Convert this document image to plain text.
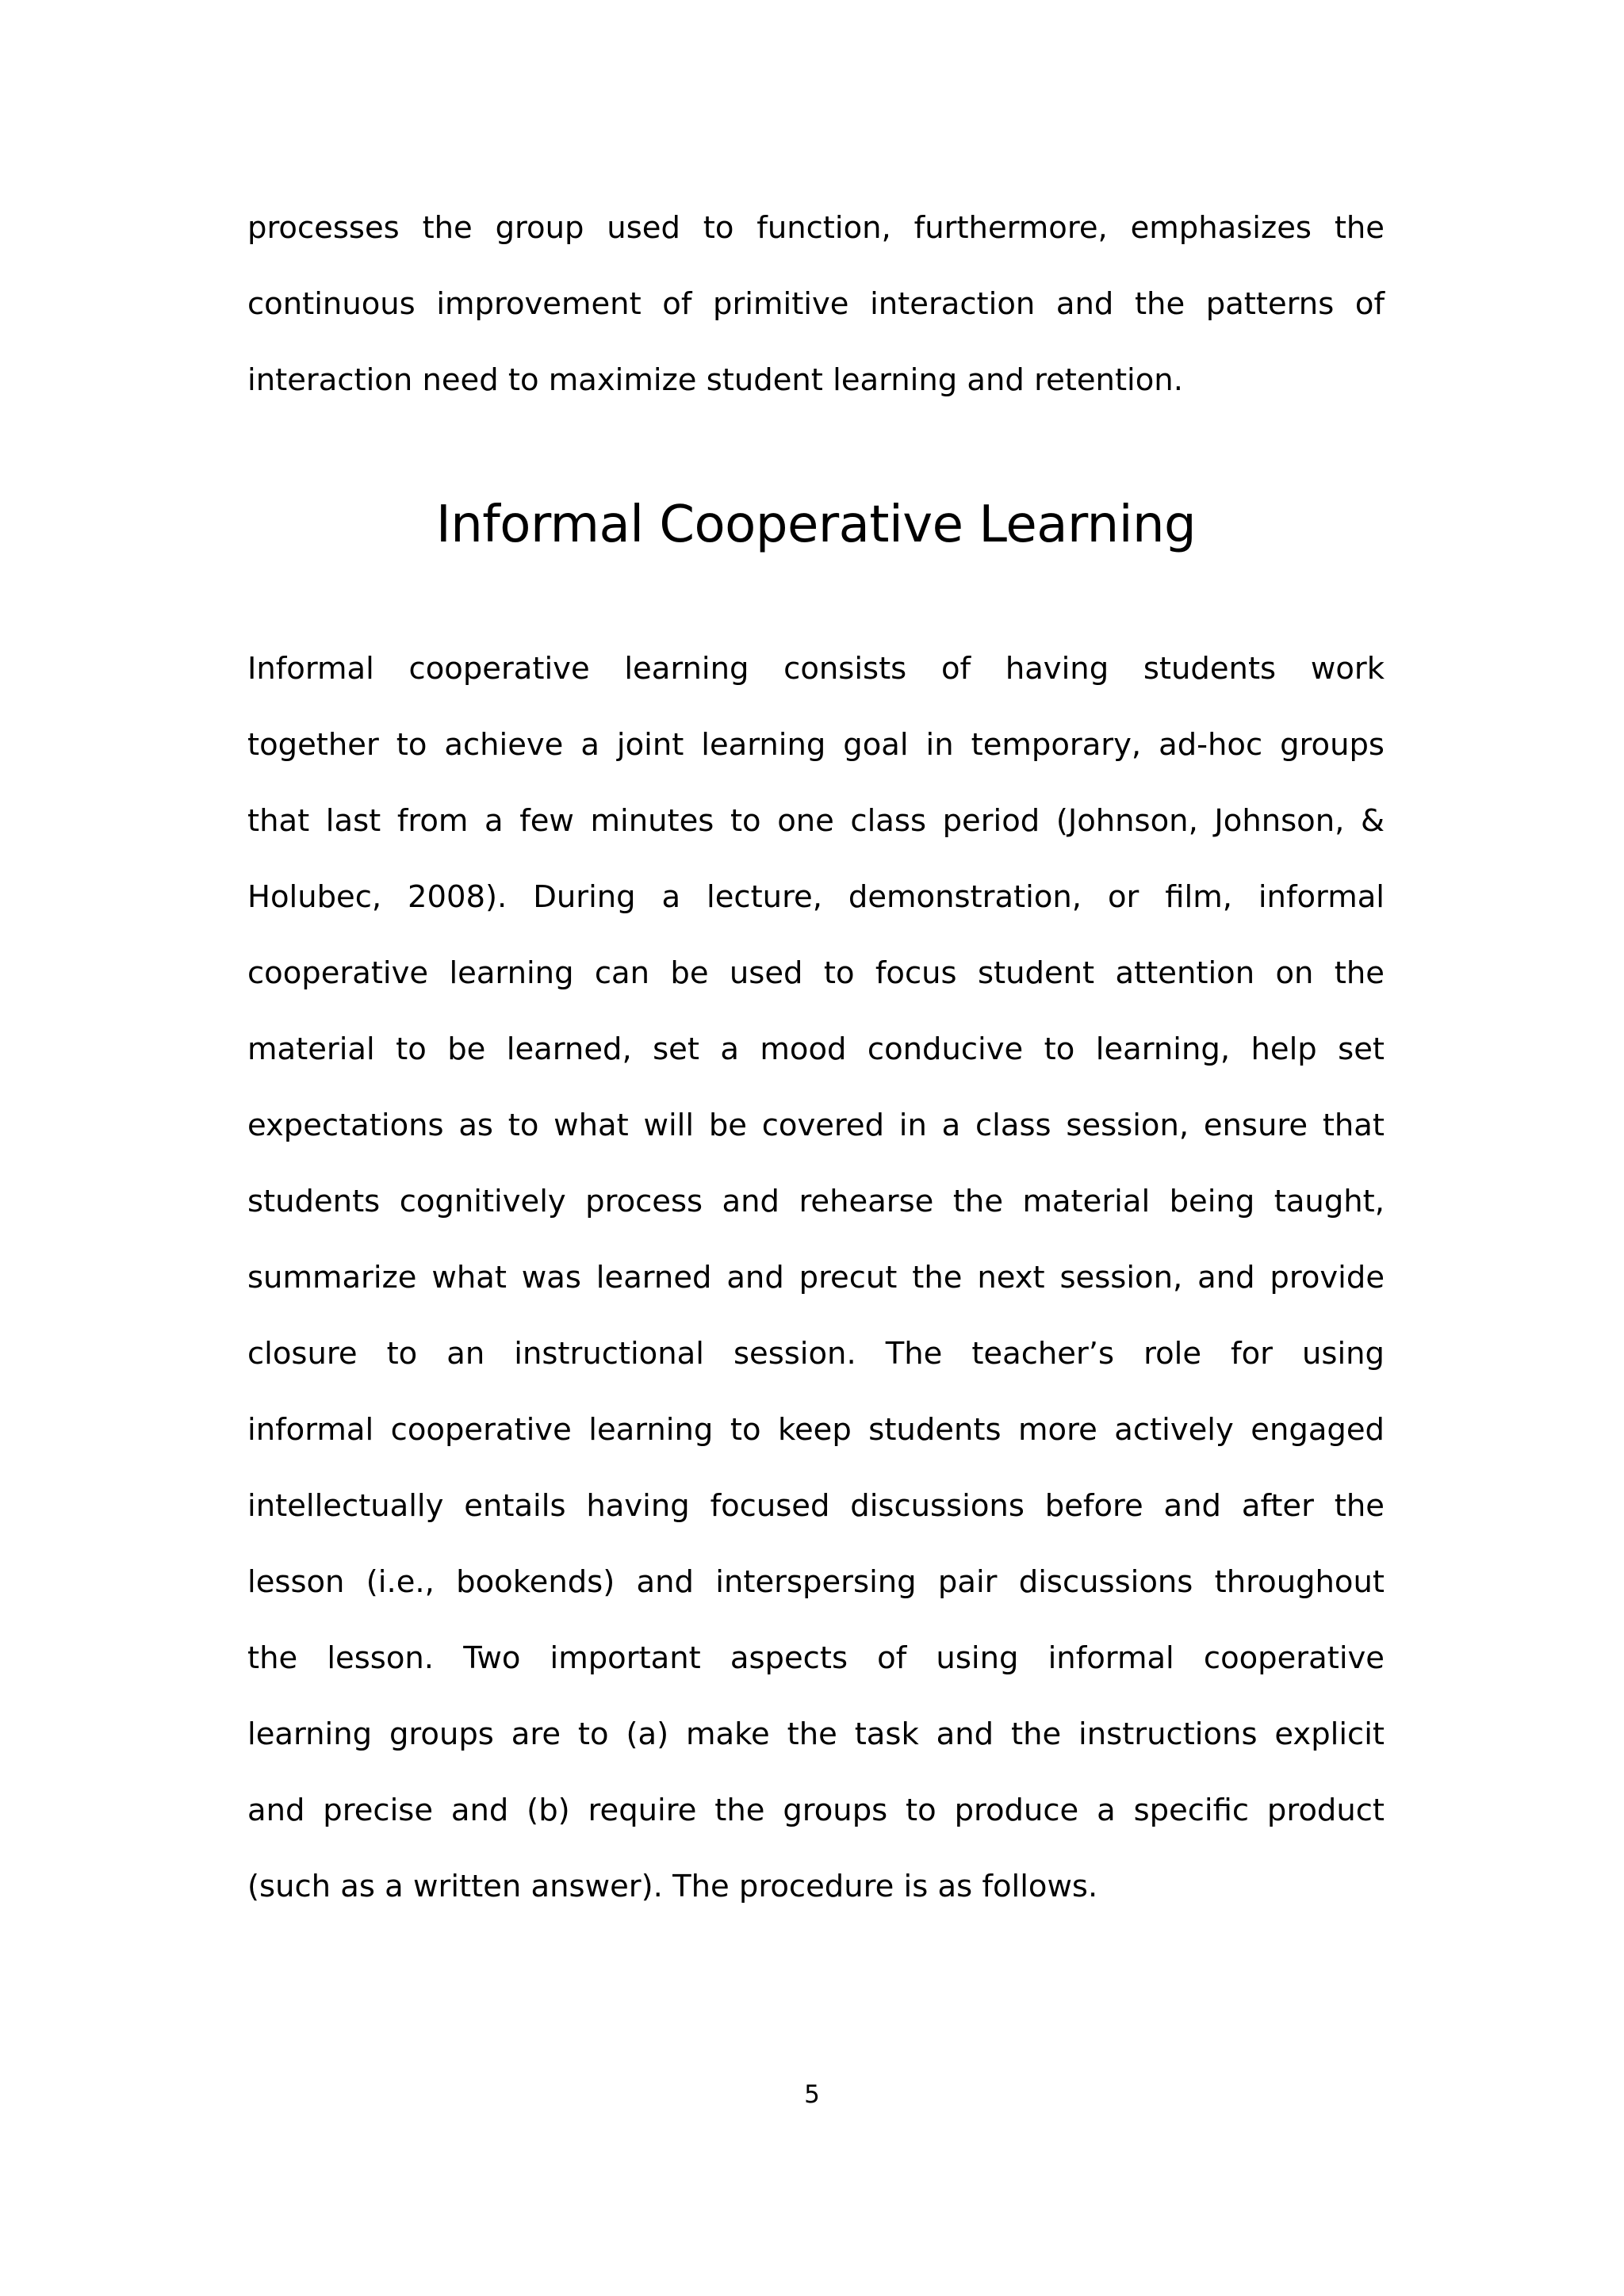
processes the group used to function, furthermore, emphasizes the
continuous improvement of primitive interaction and the patterns of
interaction need to maximize student learning and retention.

Informal Cooperative Learning

Informal cooperative learning consists of having students work
together to achieve a joint learning goal in temporary, ad-hoc groups
that last from a few minutes to one class period (Johnson, Johnson, &
Holubec, 2008). During a lecture, demonstration, or film, informal
cooperative learning can be used to focus student attention on the
material to be learned, set a mood conducive to learning, help set
expectations as to what will be covered in a class session, ensure that
students cognitively process and rehearse the material being taught,
summarize what was learned and precut the next session, and provide
closure to an instructional session. The teacher’s role for using
informal cooperative learning to keep students more actively engaged
intellectually entails having focused discussions before and after the
lesson (i.e., bookends) and interspersing pair discussions throughout
the lesson. Two important aspects of using informal cooperative
learning groups are to (a) make the task and the instructions explicit
and precise and (b) require the groups to produce a specific product
(such as a written answer). The procedure is as follows.

5
